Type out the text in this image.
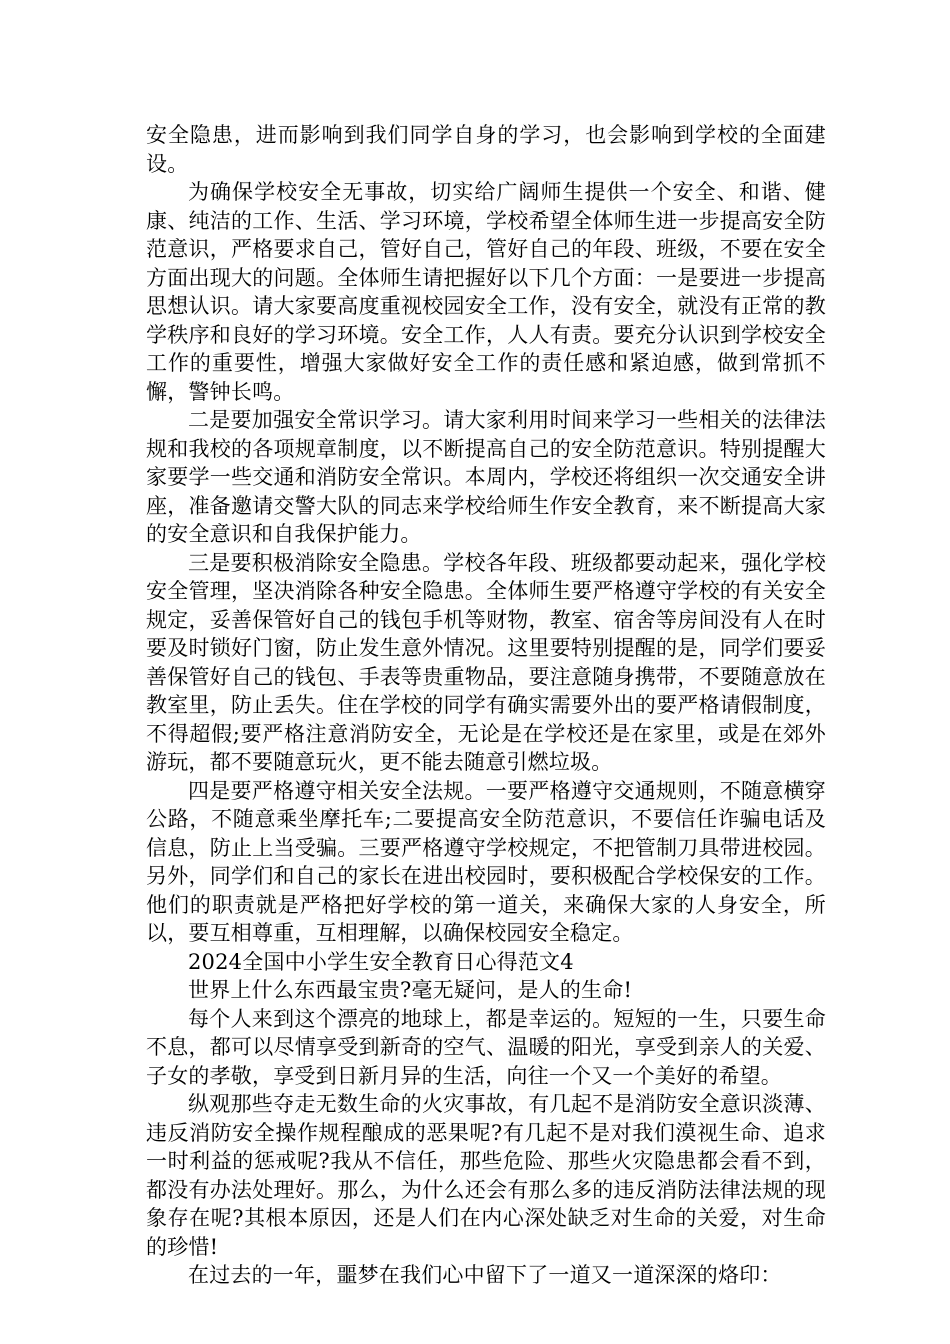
安全隐患，进而影响到我们同学自身的学习，也会影响到学校的全面建设。

为确保学校安全无事故，切实给广阔师生提供一个安全、和谐、健康、纯洁的工作、生活、学习环境，学校希望全体师生进一步提高安全防范意识，严格要求自己，管好自己，管好自己的年段、班级，不要在安全方面出现大的问题。全体师生请把握好以下几个方面：一是要进一步提高思想认识。请大家要高度重视校园安全工作，没有安全，就没有正常的教学秩序和良好的学习环境。安全工作，人人有责。要充分认识到学校安全工作的重要性，增强大家做好安全工作的责任感和紧迫感，做到常抓不懈，警钟长鸣。

二是要加强安全常识学习。请大家利用时间来学习一些相关的法律法规和我校的各项规章制度，以不断提高自己的安全防范意识。特别提醒大家要学一些交通和消防安全常识。本周内，学校还将组织一次交通安全讲座，准备邀请交警大队的同志来学校给师生作安全教育，来不断提高大家的安全意识和自我保护能力。

三是要积极消除安全隐患。学校各年段、班级都要动起来，强化学校安全管理，坚决消除各种安全隐患。全体师生要严格遵守学校的有关安全规定，妥善保管好自己的钱包手机等财物，教室、宿舍等房间没有人在时要及时锁好门窗，防止发生意外情况。这里要特别提醒的是，同学们要妥善保管好自己的钱包、手表等贵重物品，要注意随身携带，不要随意放在教室里，防止丢失。住在学校的同学有确实需要外出的要严格请假制度，不得超假;要严格注意消防安全，无论是在学校还是在家里，或是在郊外游玩，都不要随意玩火，更不能去随意引燃垃圾。

四是要严格遵守相关安全法规。一要严格遵守交通规则，不随意横穿公路，不随意乘坐摩托车;二要提高安全防范意识，不要信任诈骗电话及信息，防止上当受骗。三要严格遵守学校规定，不把管制刀具带进校园。另外，同学们和自己的家长在进出校园时，要积极配合学校保安的工作。他们的职责就是严格把好学校的第一道关，来确保大家的人身安全，所以，要互相尊重，互相理解，以确保校园安全稳定。

2024全国中小学生安全教育日心得范文4

世界上什么东西最宝贵?毫无疑问，是人的生命!

每个人来到这个漂亮的地球上，都是幸运的。短短的一生，只要生命不息，都可以尽情享受到新奇的空气、温暖的阳光，享受到亲人的关爱、子女的孝敬，享受到日新月异的生活，向往一个又一个美好的希望。

纵观那些夺走无数生命的火灾事故，有几起不是消防安全意识淡薄、违反消防安全操作规程酿成的恶果呢?有几起不是对我们漠视生命、追求一时利益的惩戒呢?我从不信任，那些危险、那些火灾隐患都会看不到，都没有办法处理好。那么，为什么还会有那么多的违反消防法律法规的现象存在呢?其根本原因，还是人们在内心深处缺乏对生命的关爱，对生命的珍惜!

在过去的一年，噩梦在我们心中留下了一道又一道深深的烙印：
